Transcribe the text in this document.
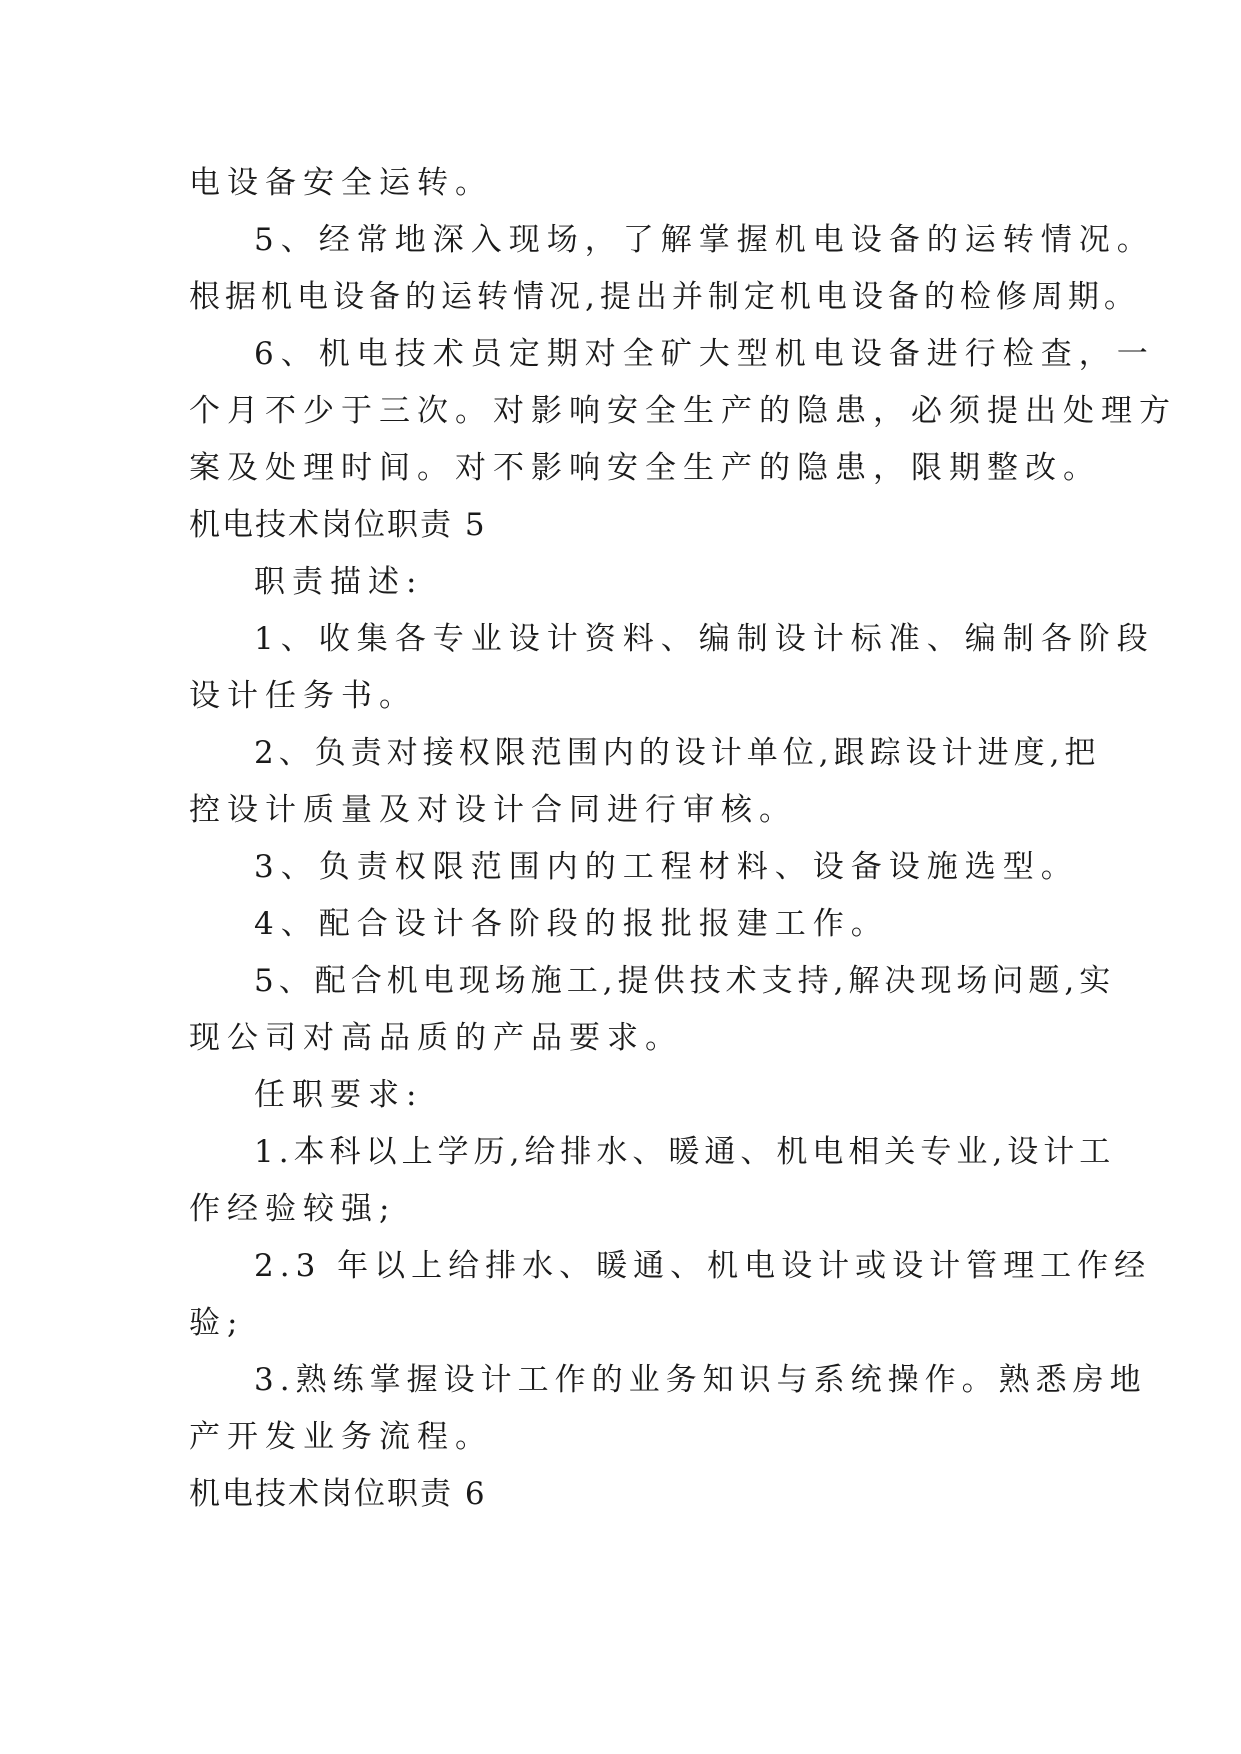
电设备安全运转。
5、经常地深入现场，了解掌握机电设备的运转情况。
根据机电设备的运转情况,提出并制定机电设备的检修周期。
6、机电技术员定期对全矿大型机电设备进行检查，一
个月不少于三次。对影响安全生产的隐患，必须提出处理方
案及处理时间。对不影响安全生产的隐患，限期整改。
机电技术岗位职责 5
职责描述:
1、收集各专业设计资料、编制设计标准、编制各阶段
设计任务书。
2、负责对接权限范围内的设计单位,跟踪设计进度,把
控设计质量及对设计合同进行审核。
3、负责权限范围内的工程材料、设备设施选型。
4、配合设计各阶段的报批报建工作。
5、配合机电现场施工,提供技术支持,解决现场问题,实
现公司对高品质的产品要求。
任职要求:
1.本科以上学历,给排水、暖通、机电相关专业,设计工
作经验较强;
2.3 年以上给排水、暖通、机电设计或设计管理工作经
验;
3.熟练掌握设计工作的业务知识与系统操作。熟悉房地
产开发业务流程。
机电技术岗位职责 6
